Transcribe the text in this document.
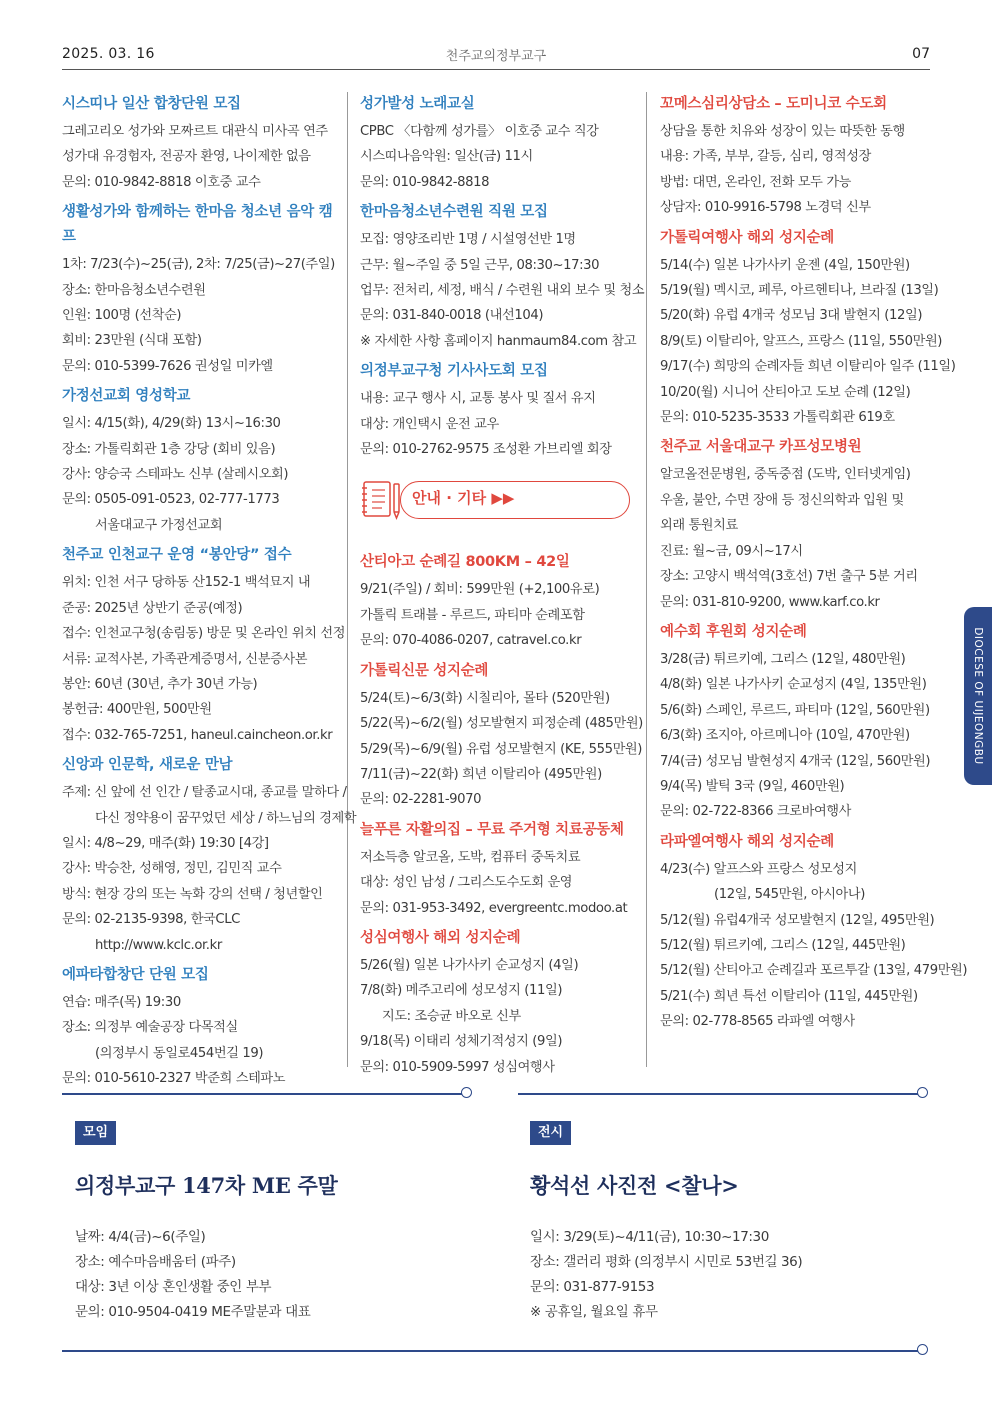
2025. 03. 16	천주교의정부교구	07
시스띠나 일산 합창단원 모집
그레고리오 성가와 모짜르트 대관식 미사곡 연주
성가대 유경험자, 전공자 환영, 나이제한 없음
문의: 010-9842-8818 이호중 교수
생활성가와 함께하는 한마음 청소년 음악 캠프
1차: 7/23(수)~25(금), 2차: 7/25(금)~27(주일)
장소: 한마음청소년수련원
인원: 100명 (선착순)
회비: 23만원 (식대 포함)
문의: 010-5399-7626 권성일 미카엘
가정선교회 영성학교
일시: 4/15(화), 4/29(화) 13시~16:30
장소: 가톨릭회관 1층 강당 (회비 있음)
강사: 양승국 스테파노 신부 (살레시오회)
문의: 0505-091-0523, 02-777-1773
서울대교구 가정선교회
천주교 인천교구 운영 “봉안당” 접수
위치: 인천 서구 당하동 산152-1 백석묘지 내
준공: 2025년 상반기 준공(예정)
접수: 인천교구청(송림동) 방문 및 온라인 위치 선정
서류: 교적사본, 가족관계증명서, 신분증사본
봉안: 60년 (30년, 추가 30년 가능)
봉헌금: 400만원, 500만원
접수: 032-765-7251, haneul.caincheon.or.kr
신앙과 인문학, 새로운 만남
주제: 신 앞에 선 인간 / 탈종교시대, 종교를 말하다 /
다신 정약용이 꿈꾸었던 세상 / 하느님의 경제학
일시: 4/8~29, 매주(화) 19:30 [4강]
강사: 박승찬, 성해영, 정민, 김민직 교수
방식: 현장 강의 또는 녹화 강의 선택 / 청년할인
문의: 02-2135-9398, 한국CLC
http://www.kclc.or.kr
에파타합창단 단원 모집
연습: 매주(목) 19:30
장소: 의정부 예술공장 다목적실
(의정부시 동일로454번길 19)
문의: 010-5610-2327 박준희 스테파노
성가발성 노래교실
CPBC 〈다함께 성가를〉 이호중 교수 직강
시스띠나음악원: 일산(금) 11시
문의: 010-9842-8818
한마음청소년수련원 직원 모집
모집: 영양조리반 1명 / 시설영선반 1명
근무: 월~주일 중 5일 근무, 08:30~17:30
업무: 전처리, 세정, 배식 / 수련원 내외 보수 및 청소
문의: 031-840-0018 (내선104)
※ 자세한 사항 홈페이지 hanmaum84.com 참고
의정부교구청 기사사도회 모집
내용: 교구 행사 시, 교통 봉사 및 질서 유지
대상: 개인택시 운전 교우
문의: 010-2762-9575 조성환 가브리엘 회장
안내 · 기타 ▶▶
산티아고 순례길 800KM – 42일
9/21(주일) / 회비: 599만원 (+2,100유로)
가톨릭 트래블 - 루르드, 파티마 순례포함
문의: 070-4086-0207, catravel.co.kr
가톨릭신문 성지순례
5/24(토)~6/3(화) 시칠리아, 몰타 (520만원)
5/22(목)~6/2(월) 성모발현지 피정순례 (485만원)
5/29(목)~6/9(월) 유럽 성모발현지 (KE, 555만원)
7/11(금)~22(화) 희년 이탈리아 (495만원)
문의: 02-2281-9070
늘푸른 자활의집 – 무료 주거형 치료공동체
저소득층 알코올, 도박, 컴퓨터 중독치료
대상: 성인 남성 / 그리스도수도회 운영
문의: 031-953-3492, evergreentc.modoo.at
성심여행사 해외 성지순례
5/26(월) 일본 나가사키 순교성지 (4일)
7/8(화) 메주고리에 성모성지 (11일)
지도: 조승균 바오로 신부
9/18(목) 이태리 성체기적성지 (9일)
문의: 010-5909-5997 성심여행사
꼬메스심리상담소 – 도미니코 수도회
상담을 통한 치유와 성장이 있는 따뜻한 동행
내용: 가족, 부부, 갈등, 심리, 영적성장
방법: 대면, 온라인, 전화 모두 가능
상담자: 010-9916-5798 노경덕 신부
가톨릭여행사 해외 성지순례
5/14(수) 일본 나가사키 운젠 (4일, 150만원)
5/19(월) 멕시코, 페루, 아르헨티나, 브라질 (13일)
5/20(화) 유럽 4개국 성모님 3대 발현지 (12일)
8/9(토) 이탈리아, 알프스, 프랑스 (11일, 550만원)
9/17(수) 희망의 순례자들 희년 이탈리아 일주 (11일)
10/20(월) 시니어 산티아고 도보 순례 (12일)
문의: 010-5235-3533 가톨릭회관 619호
천주교 서울대교구 카프성모병원
알코올전문병원, 중독중점 (도박, 인터넷게임)
우울, 불안, 수면 장애 등 정신의학과 입원 및
외래 통원치료
진료: 월~금, 09시~17시
장소: 고양시 백석역(3호선) 7번 출구 5분 거리
문의: 031-810-9200, www.karf.co.kr
예수회 후원회 성지순례
3/28(금) 튀르키예, 그리스 (12일, 480만원)
4/8(화) 일본 나가사키 순교성지 (4일, 135만원)
5/6(화) 스페인, 루르드, 파티마 (12일, 560만원)
6/3(화) 조지아, 아르메니아 (10일, 470만원)
7/4(금) 성모님 발현성지 4개국 (12일, 560만원)
9/4(목) 발틱 3국 (9일, 460만원)
문의: 02-722-8366 크로바여행사
라파엘여행사 해외 성지순례
4/23(수) 알프스와 프랑스 성모성지
(12일, 545만원, 아시아나)
5/12(월) 유럽4개국 성모발현지 (12일, 495만원)
5/12(월) 튀르키예, 그리스 (12일, 445만원)
5/12(월) 산티아고 순례길과 포르투갈 (13일, 479만원)
5/21(수) 희년 특선 이탈리아 (11일, 445만원)
문의: 02-778-8565 라파엘 여행사
DIOCESE OF UIJEONGBU
모임
의정부교구 147차 ME 주말
날짜: 4/4(금)~6(주일)
장소: 예수마음배움터 (파주)
대상: 3년 이상 혼인생활 중인 부부
문의: 010-9504-0419 ME주말분과 대표
전시
황석선 사진전 <찰나>
일시: 3/29(토)~4/11(금), 10:30~17:30
장소: 갤러리 평화 (의정부시 시민로 53번길 36)
문의: 031-877-9153
※ 공휴일, 월요일 휴무
